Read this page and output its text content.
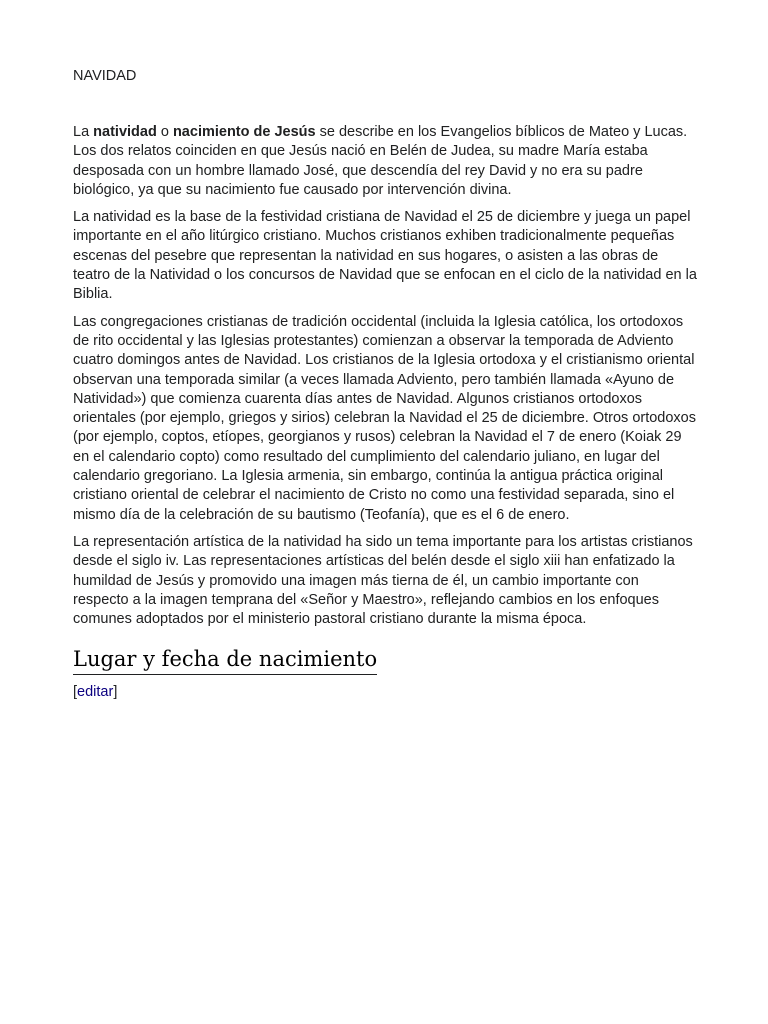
NAVIDAD

La natividad o nacimiento de Jesús se describe en los Evangelios bíblicos de Mateo y Lucas. Los dos relatos coinciden en que Jesús nació en Belén de Judea, su madre María estaba desposada con un hombre llamado José, que descendía del rey David y no era su padre biológico, ya que su nacimiento fue causado por intervención divina.

La natividad es la base de la festividad cristiana de Navidad el 25 de diciembre y juega un papel importante en el año litúrgico cristiano. Muchos cristianos exhiben tradicionalmente pequeñas escenas del pesebre que representan la natividad en sus hogares, o asisten a las obras de teatro de la Natividad o los concursos de Navidad que se enfocan en el ciclo de la natividad en la Biblia.

Las congregaciones cristianas de tradición occidental (incluida la Iglesia católica, los ortodoxos de rito occidental y las Iglesias protestantes) comienzan a observar la temporada de Adviento cuatro domingos antes de Navidad. Los cristianos de la Iglesia ortodoxa y el cristianismo oriental observan una temporada similar (a veces llamada Adviento, pero también llamada «Ayuno de Natividad») que comienza cuarenta días antes de Navidad. Algunos cristianos ortodoxos orientales (por ejemplo, griegos y sirios) celebran la Navidad el 25 de diciembre. Otros ortodoxos (por ejemplo, coptos, etíopes, georgianos y rusos) celebran la Navidad el 7 de enero (Koiak 29 en el calendario copto) como resultado del cumplimiento del calendario juliano, en lugar del calendario gregoriano. La Iglesia armenia, sin embargo, continúa la antigua práctica original cristiano oriental de celebrar el nacimiento de Cristo no como una festividad separada, sino el mismo día de la celebración de su bautismo (Teofanía), que es el 6 de enero.

La representación artística de la natividad ha sido un tema importante para los artistas cristianos desde el siglo iv. Las representaciones artísticas del belén desde el siglo xiii han enfatizado la humildad de Jesús y promovido una imagen más tierna de él, un cambio importante con respecto a la imagen temprana del «Señor y Maestro», reflejando cambios en los enfoques comunes adoptados por el ministerio pastoral cristiano durante la misma época.

Lugar y fecha de nacimiento

[editar]
